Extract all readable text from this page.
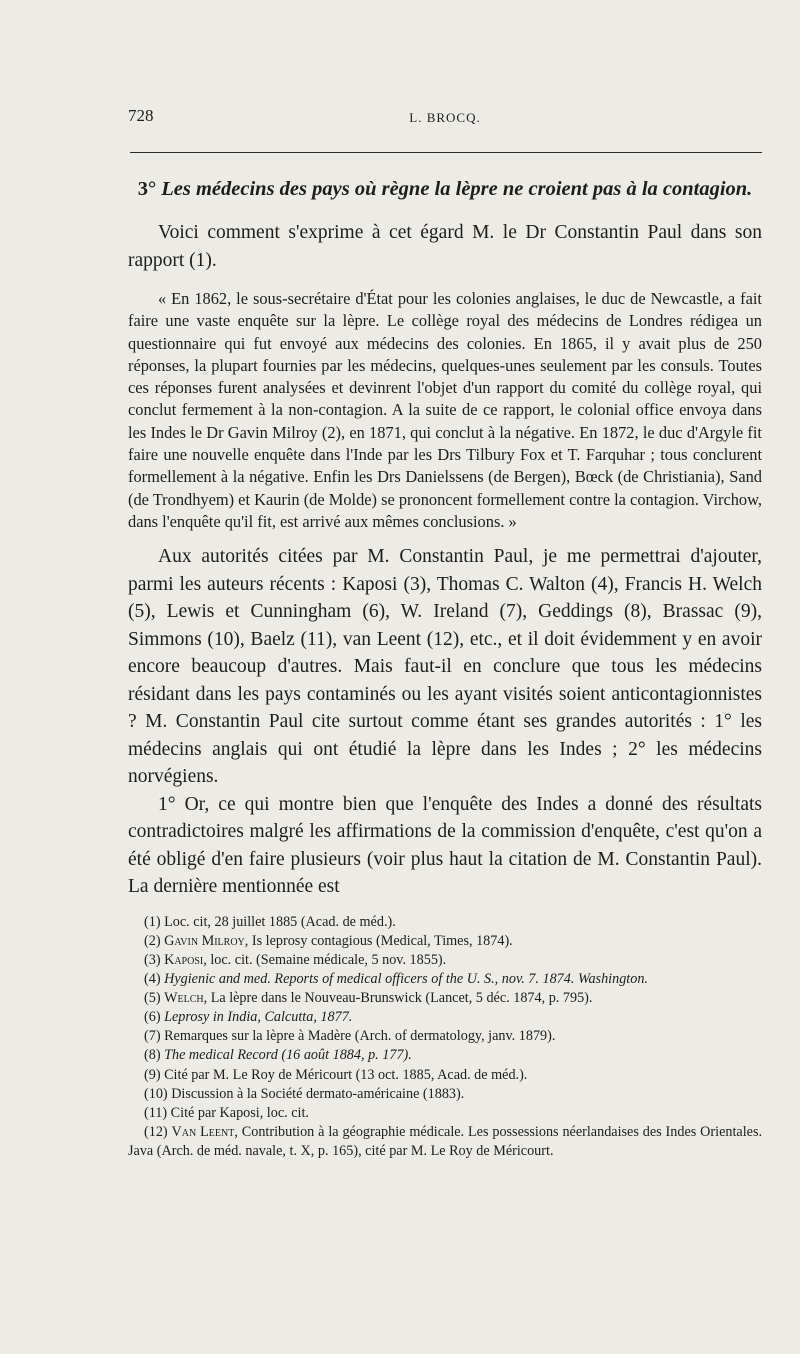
728	L. BROCQ.
3° Les médecins des pays où règne la lèpre ne croient pas à la contagion.

Voici comment s'exprime à cet égard M. le Dr Constantin Paul dans son rapport (1).

« En 1862, le sous-secrétaire d'État pour les colonies anglaises, le duc de Newcastle, a fait faire une vaste enquête sur la lèpre. Le collège royal des médecins de Londres rédigea un questionnaire qui fut envoyé aux médecins des colonies. En 1865, il y avait plus de 250 réponses, la plupart fournies par les médecins, quelques-unes seulement par les consuls. Toutes ces réponses furent analysées et devinrent l'objet d'un rapport du comité du collège royal, qui conclut fermement à la non-contagion. A la suite de ce rapport, le colonial office envoya dans les Indes le Dr Gavin Milroy (2), en 1871, qui conclut à la négative. En 1872, le duc d'Argyle fit faire une nouvelle enquête dans l'Inde par les Drs Tilbury Fox et T. Farquhar ; tous conclurent formellement à la négative. Enfin les Drs Danielssens (de Bergen), Bœck (de Christiania), Sand (de Trondhyem) et Kaurin (de Molde) se prononcent formellement contre la contagion. Virchow, dans l'enquête qu'il fit, est arrivé aux mêmes conclusions. »

Aux autorités citées par M. Constantin Paul, je me permettrai d'ajouter, parmi les auteurs récents : Kaposi (3), Thomas C. Walton (4), Francis H. Welch (5), Lewis et Cunningham (6), W. Ireland (7), Geddings (8), Brassac (9), Simmons (10), Baelz (11), van Leent (12), etc., et il doit évidemment y en avoir encore beaucoup d'autres. Mais faut-il en conclure que tous les médecins résidant dans les pays contaminés ou les ayant visités soient anticontagionnistes ? M. Constantin Paul cite surtout comme étant ses grandes autorités : 1° les médecins anglais qui ont étudié la lèpre dans les Indes ; 2° les médecins norvégiens.

1° Or, ce qui montre bien que l'enquête des Indes a donné des résultats contradictoires malgré les affirmations de la commission d'enquête, c'est qu'on a été obligé d'en faire plusieurs (voir plus haut la citation de M. Constantin Paul). La dernière mentionnée est

(1) Loc. cit, 28 juillet 1885 (Acad. de méd.).

(2) Gavin Milroy, Is leprosy contagious (Medical, Times, 1874).

(3) Kaposi, loc. cit. (Semaine médicale, 5 nov. 1855).

(4) Hygienic and med. Reports of medical officers of the U. S., nov. 7. 1874. Washington.

(5) Welch, La lèpre dans le Nouveau-Brunswick (Lancet, 5 déc. 1874, p. 795).

(6) Leprosy in India, Calcutta, 1877.

(7) Remarques sur la lèpre à Madère (Arch. of dermatology, janv. 1879).

(8) The medical Record (16 août 1884, p. 177).

(9) Cité par M. Le Roy de Méricourt (13 oct. 1885, Acad. de méd.).

(10) Discussion à la Société dermato-américaine (1883).

(11) Cité par Kaposi, loc. cit.

(12) Van Leent, Contribution à la géographie médicale. Les possessions néerlandaises des Indes Orientales. Java (Arch. de méd. navale, t. X, p. 165), cité par M. Le Roy de Méricourt.
